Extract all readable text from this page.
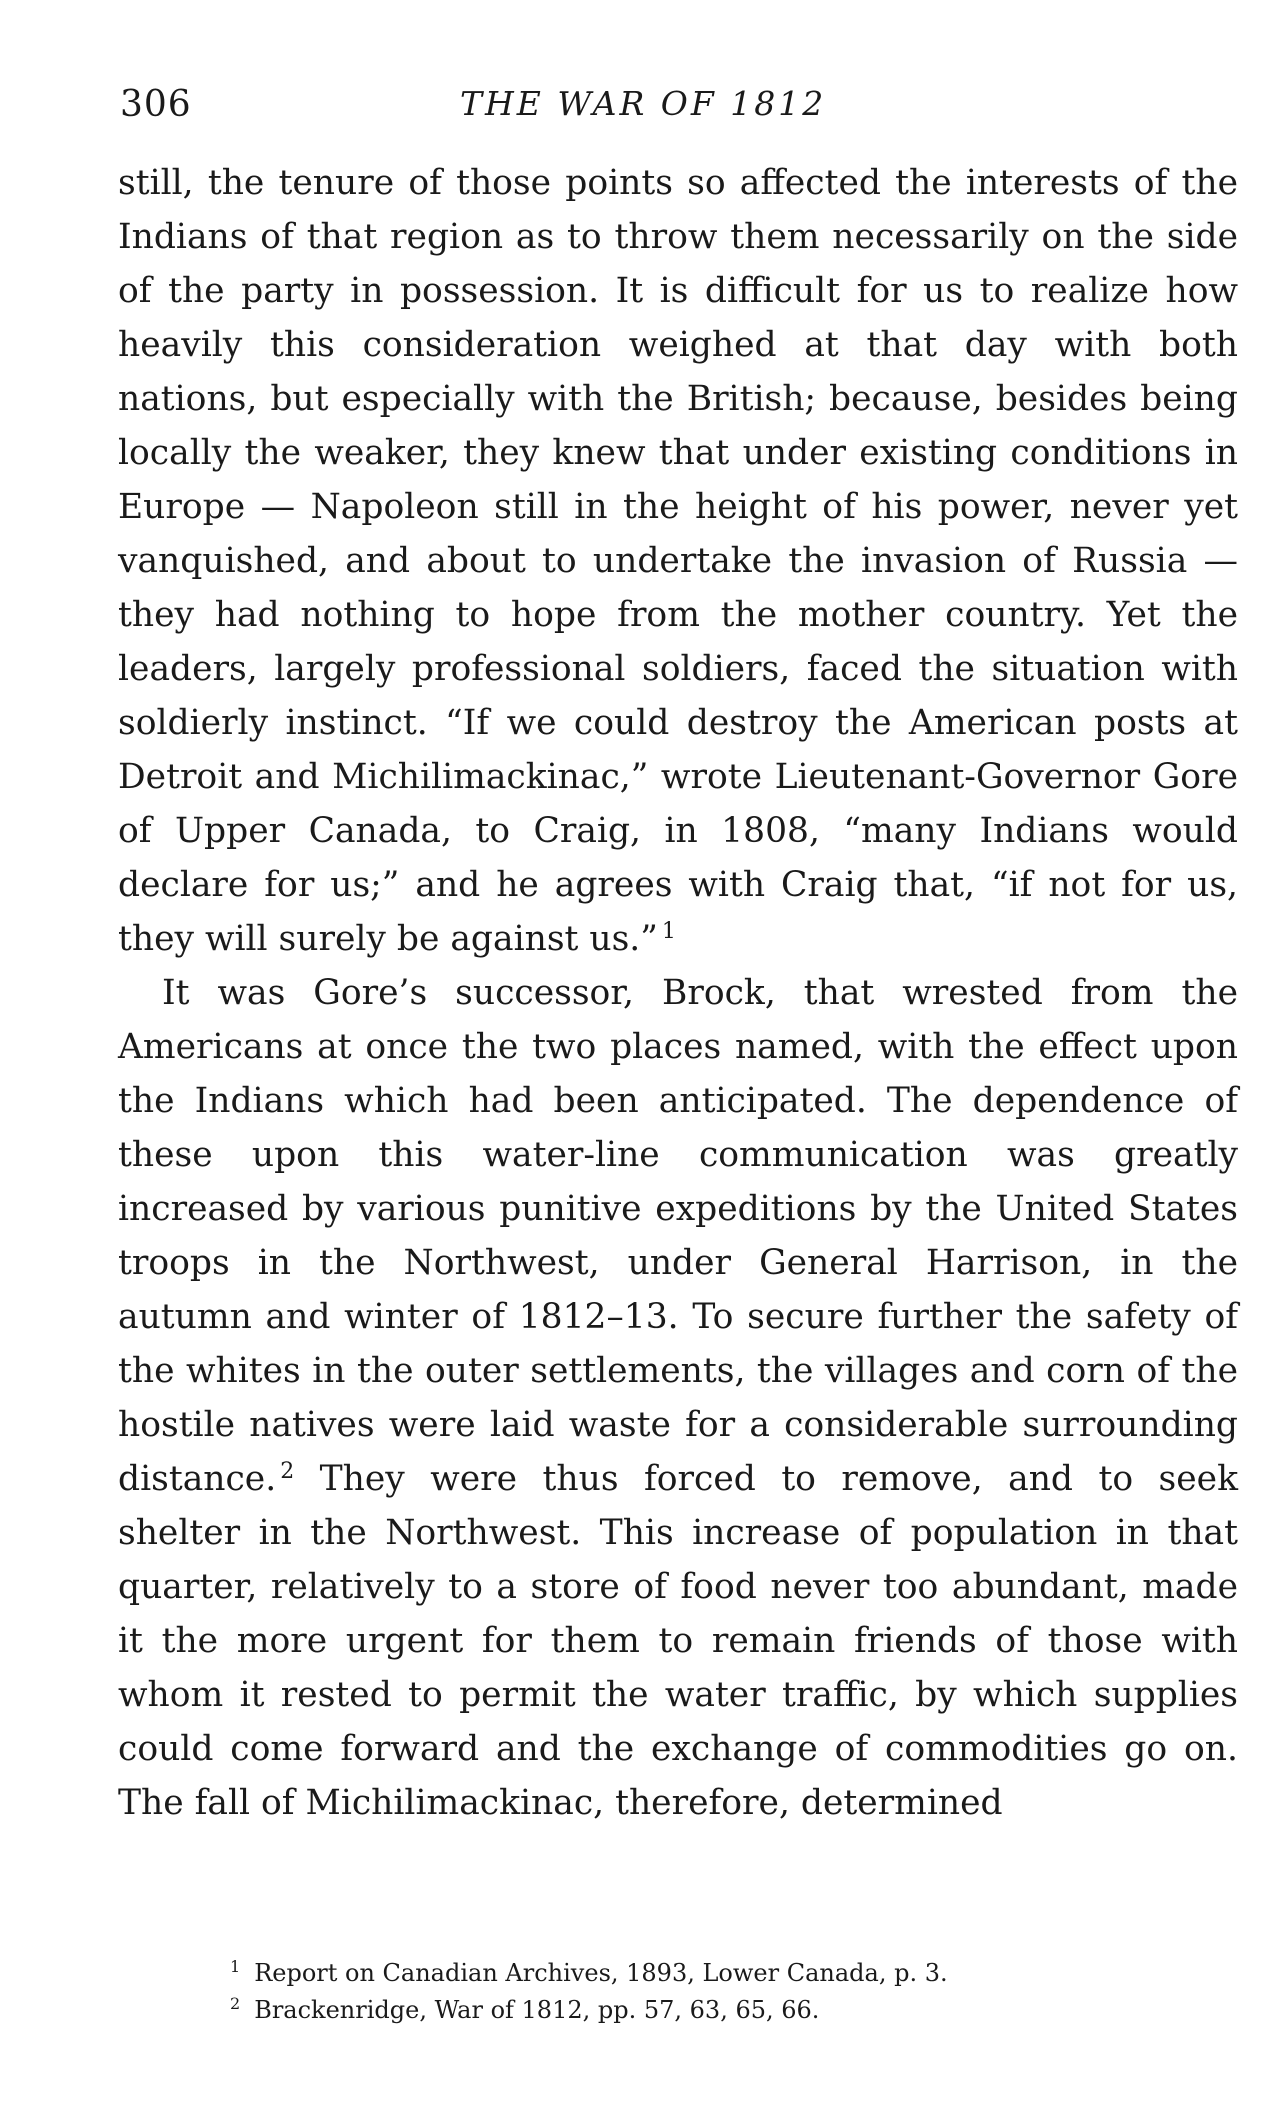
306	THE WAR OF 1812

still, the tenure of those points so affected the interests of the Indians of that region as to throw them necessarily on the side of the party in possession. It is difficult for us to realize how heavily this consideration weighed at that day with both nations, but especially with the British; because, besides being locally the weaker, they knew that under existing conditions in Europe — Napoleon still in the height of his power, never yet vanquished, and about to undertake the invasion of Russia — they had nothing to hope from the mother country. Yet the leaders, largely professional soldiers, faced the situation with soldierly instinct. “If we could destroy the American posts at Detroit and Michilimackinac,” wrote Lieutenant-Governor Gore of Upper Canada, to Craig, in 1808, “many Indians would declare for us;” and he agrees with Craig that, “if not for us, they will surely be against us.” $^1$

It was Gore’s successor, Brock, that wrested from the Americans at once the two places named, with the effect upon the Indians which had been anticipated. The dependence of these upon this water-line communication was greatly increased by various punitive expeditions by the United States troops in the Northwest, under General Harrison, in the autumn and winter of 1812–13. To secure further the safety of the whites in the outer settlements, the villages and corn of the hostile natives were laid waste for a considerable surrounding distance. $^2$ They were thus forced to remove, and to seek shelter in the Northwest. This increase of population in that quarter, relatively to a store of food never too abundant, made it the more urgent for them to remain friends of those with whom it rested to permit the water traffic, by which supplies could come forward and the exchange of commodities go on. The fall of Michilimackinac, therefore, determined

$^1$ Report on Canadian Archives, 1893, Lower Canada, p. 3.

$^2$ Brackenridge, War of 1812, pp. 57, 63, 65, 66.
